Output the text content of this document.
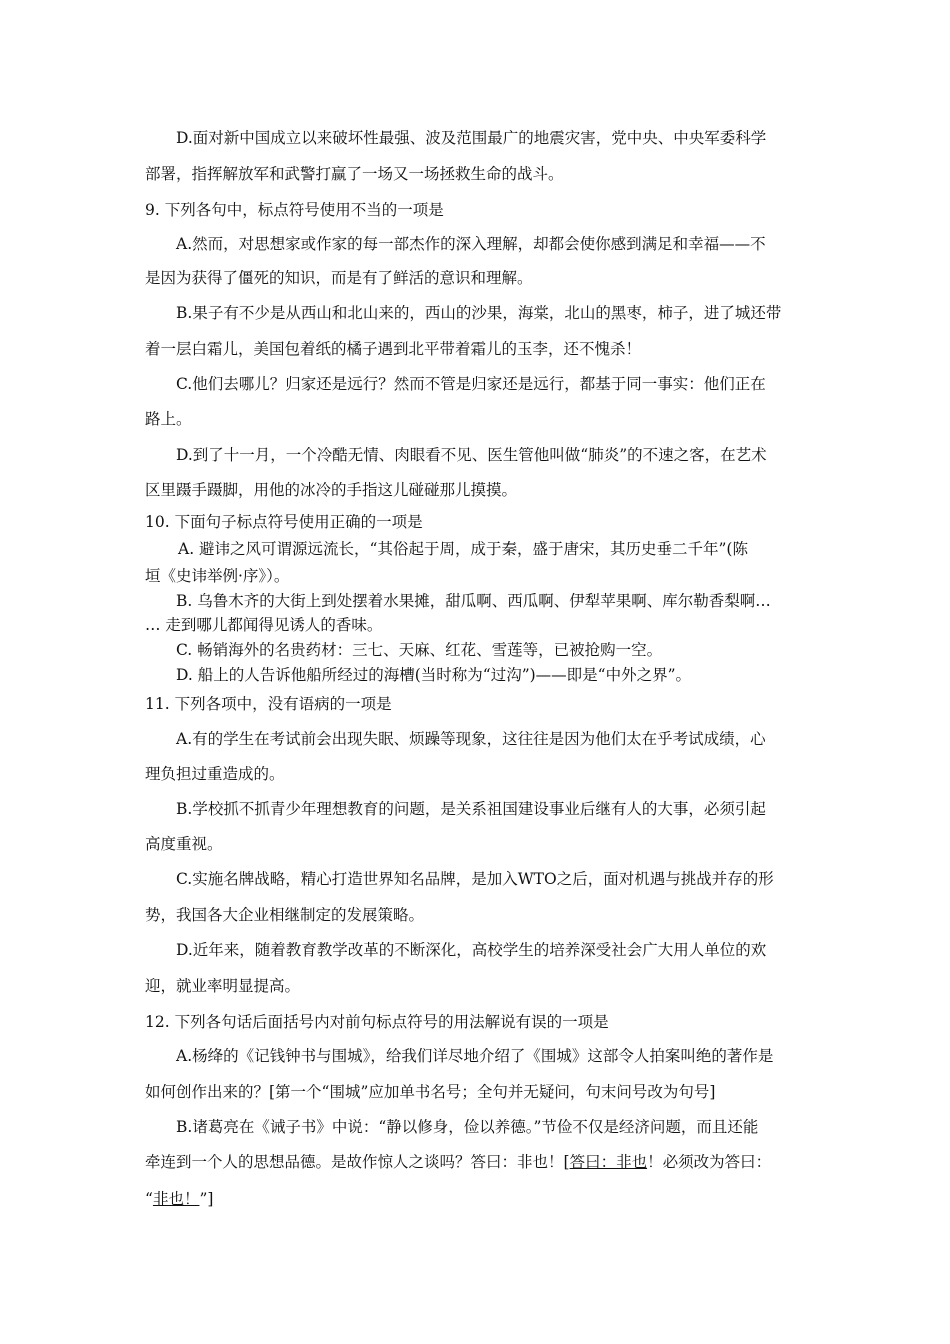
D.面对新中国成立以来破坏性最强、波及范围最广的地震灾害，党中央、中央军委科学
部署，指挥解放军和武警打赢了一场又一场拯救生命的战斗。
9. 下列各句中，标点符号使用不当的一项是
A.然而，对思想家或作家的每一部杰作的深入理解，却都会使你感到满足和幸福——不
是因为获得了僵死的知识，而是有了鲜活的意识和理解。
B.果子有不少是从西山和北山来的，西山的沙果，海棠，北山的黑枣，柿子，进了城还带
着一层白霜儿，美国包着纸的橘子遇到北平带着霜儿的玉李，还不愧杀！
C.他们去哪儿？归家还是远行？然而不管是归家还是远行，都基于同一事实：他们正在
路上。
D.到了十一月，一个冷酷无情、肉眼看不见、医生管他叫做“肺炎”的不速之客，在艺术
区里蹑手蹑脚，用他的冰冷的手指这儿碰碰那儿摸摸。
10. 下面句子标点符号使用正确的一项是
A. 避讳之风可谓源远流长，“其俗起于周，成于秦，盛于唐宋，其历史垂二千年”(陈
垣《史讳举例·序》）。
B. 乌鲁木齐的大街上到处摆着水果摊，甜瓜啊、西瓜啊、伊犁苹果啊、库尔勒香梨啊…
… 走到哪儿都闻得见诱人的香味。
C. 畅销海外的名贵药材：三七、天麻、红花、雪莲等，已被抢购一空。
D. 船上的人告诉他船所经过的海槽(当时称为“过沟”)——即是“中外之界”。
11. 下列各项中，没有语病的一项是
A.有的学生在考试前会出现失眠、烦躁等现象，这往往是因为他们太在乎考试成绩，心
理负担过重造成的。
B.学校抓不抓青少年理想教育的问题，是关系祖国建设事业后继有人的大事，必须引起
高度重视。
C.实施名牌战略，精心打造世界知名品牌，是加入WTO之后，面对机遇与挑战并存的形
势，我国各大企业相继制定的发展策略。
D.近年来，随着教育教学改革的不断深化，高校学生的培养深受社会广大用人单位的欢
迎，就业率明显提高。
12. 下列各句话后面括号内对前句标点符号的用法解说有误的一项是
A.杨绛的《记钱钟书与围城》，给我们详尽地介绍了《围城》这部令人拍案叫绝的著作是
如何创作出来的？[第一个“围城”应加单书名号；全句并无疑问，句末问号改为句号]
B.诸葛亮在《诫子书》中说：“静以修身，俭以养德。”节俭不仅是经济问题，而且还能
牵连到一个人的思想品德。是故作惊人之谈吗？答曰：非也！[答曰：非也！必须改为答曰：
“非也！”]
